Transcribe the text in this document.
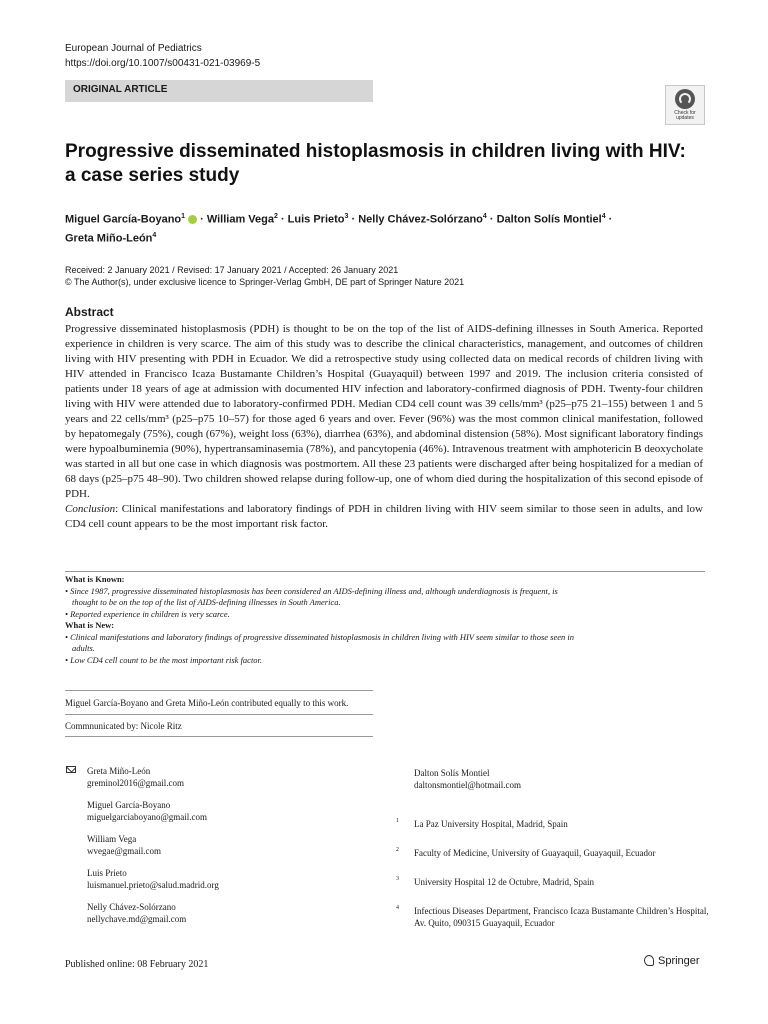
European Journal of Pediatrics
https://doi.org/10.1007/s00431-021-03969-5
ORIGINAL ARTICLE
Check for updates
Progressive disseminated histoplasmosis in children living with HIV:
a case series study
Miguel García-Boyano$^1$ · William Vega$^2$ · Luis Prieto$^3$ · Nelly Chávez-Solórzano$^4$ · Dalton Solís Montiel$^4$ ·
Greta Miño-León$^4$
Received: 2 January 2021 / Revised: 17 January 2021 / Accepted: 26 January 2021
© The Author(s), under exclusive licence to Springer-Verlag GmbH, DE part of Springer Nature 2021
Abstract

Progressive disseminated histoplasmosis (PDH) is thought to be on the top of the list of AIDS-defining illnesses in South America. Reported experience in children is very scarce. The aim of this study was to describe the clinical characteristics, management, and outcomes of children living with HIV presenting with PDH in Ecuador. We did a retrospective study using collected data on medical records of children living with HIV attended in Francisco Icaza Bustamante Children’s Hospital (Guayaquil) between 1997 and 2019. The inclusion criteria consisted of patients under 18 years of age at admission with documented HIV infection and laboratory-confirmed diagnosis of PDH. Twenty-four children living with HIV were attended due to laboratory-confirmed PDH. Median CD4 cell count was 39 cells/mm³ (p25–p75 21–155) between 1 and 5 years and 22 cells/mm³ (p25–p75 10–57) for those aged 6 years and over. Fever (96%) was the most common clinical manifestation, followed by hepatomegaly (75%), cough (67%), weight loss (63%), diarrhea (63%), and abdominal distension (58%). Most significant laboratory findings were hypoalbuminemia (90%), hypertransaminasemia (78%), and pancytopenia (46%). Intravenous treatment with amphotericin B deoxycholate was started in all but one case in which diagnosis was postmortem. All these 23 patients were discharged after being hospitalized for a median of 68 days (p25–p75 48–90). Two children showed relapse during follow-up, one of whom died during the hospitalization of this second episode of PDH.

Conclusion: Clinical manifestations and laboratory findings of PDH in children living with HIV seem similar to those seen in adults, and low CD4 cell count appears to be the most important risk factor.

What is Known:
• Since 1987, progressive disseminated histoplasmosis has been considered an AIDS-defining illness and, although underdiagnosis is frequent, is
thought to be on the top of the list of AIDS-defining illnesses in South America.
• Reported experience in children is very scarce.
What is New:
• Clinical manifestations and laboratory findings of progressive disseminated histoplasmosis in children living with HIV seem similar to those seen in
adults.
• Low CD4 cell count to be the most important risk factor.
Miguel García-Boyano and Greta Miño-León contributed equally to this work.
Commnunicated by: Nicole Ritz
Greta Miño-León
greminol2016@gmail.com
Miguel García-Boyano
miguelgarciaboyano@gmail.com
William Vega
wvegae@gmail.com
Luis Prieto
luismanuel.prieto@salud.madrid.org
Nelly Chávez-Solórzano
nellychave.md@gmail.com
Dalton Solís Montiel
daltonsmontiel@hotmail.com
1 La Paz University Hospital, Madrid, Spain
2 Faculty of Medicine, University of Guayaquil, Guayaquil, Ecuador
3 University Hospital 12 de Octubre, Madrid, Spain
4 Infectious Diseases Department, Francisco Icaza Bustamante Children’s Hospital, Av. Quito, 090315 Guayaquil, Ecuador
Published online: 08 February 2021	Springer
